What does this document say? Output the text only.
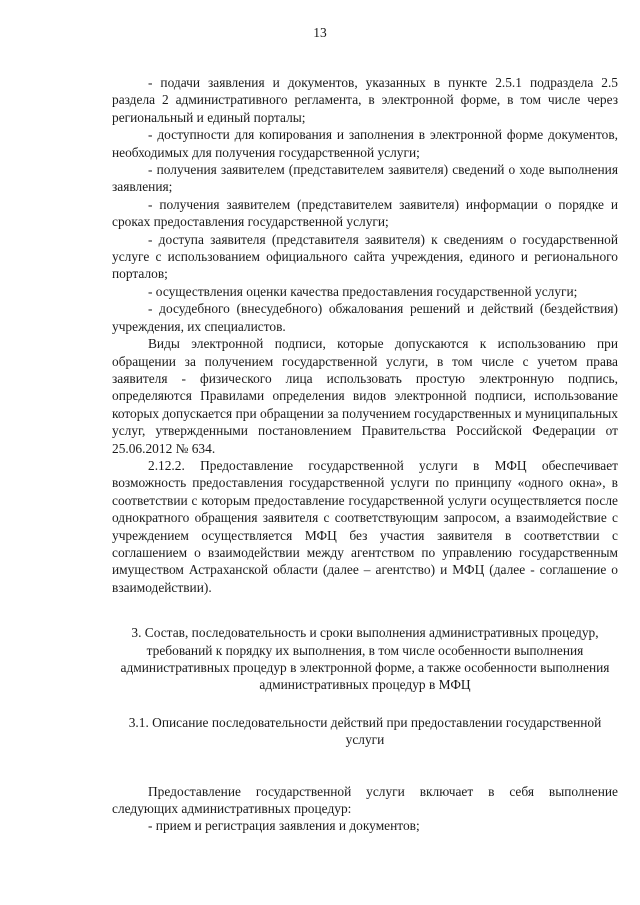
13

- подачи заявления и документов, указанных в пункте 2.5.1 подраздела 2.5 раздела 2 административного регламента, в электронной форме, в том числе через региональный и единый порталы;

- доступности для копирования и заполнения в электронной форме документов, необходимых для получения государственной услуги;

- получения заявителем (представителем заявителя) сведений о ходе выполнения заявления;

- получения заявителем (представителем заявителя) информации о порядке и сроках предоставления государственной услуги;

- доступа заявителя (представителя заявителя) к сведениям о государственной услуге с использованием официального сайта учреждения, единого и регионального порталов;

- осуществления оценки качества предоставления государственной услуги;

- досудебного (внесудебного) обжалования решений и действий (бездействия) учреждения, их специалистов.

Виды электронной подписи, которые допускаются к использованию при обращении за получением государственной услуги, в том числе с учетом права заявителя - физического лица использовать простую электронную подпись, определяются Правилами определения видов электронной подписи, использование которых допускается при обращении за получением государственных и муниципальных услуг, утвержденными постановлением Правительства Российской Федерации от 25.06.2012 № 634.

2.12.2. Предоставление государственной услуги в МФЦ обеспечивает возможность предоставления государственной услуги по принципу «одного окна», в соответствии с которым предоставление государственной услуги осуществляется после однократного обращения заявителя с соответствующим запросом, а взаимодействие с учреждением осуществляется МФЦ без участия заявителя в соответствии с соглашением о взаимодействии между агентством по управлению государственным имуществом Астраханской области (далее – агентство) и МФЦ (далее - соглашение о взаимодействии).

3. Состав, последовательность и сроки выполнения административных процедур, требований к порядку их выполнения, в том числе особенности выполнения административных процедур в электронной форме, а также особенности выполнения административных процедур в МФЦ

3.1. Описание последовательности действий при предоставлении государственной услуги

Предоставление государственной услуги включает в себя выполнение следующих административных процедур:

- прием и регистрация заявления и документов;
